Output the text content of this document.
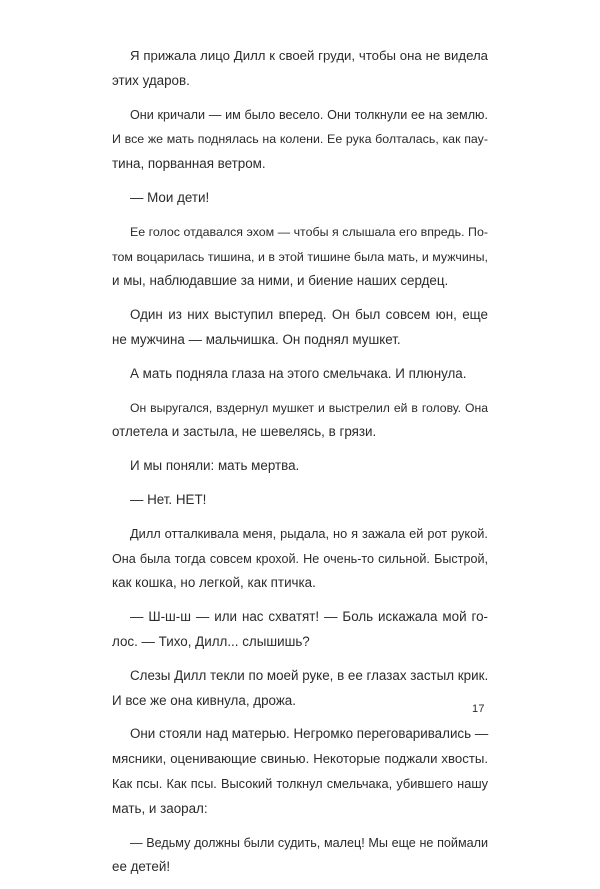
Я прижала лицо Дилл к своей груди, чтобы она не видела
этих ударов.

Они кричали — им было весело. Они толкнули ее на землю.
И все же мать поднялась на колени. Ее рука болталась, как пау-
тина, порванная ветром.

— Мои дети!

Ее голос отдавался эхом — чтобы я слышала его впредь. По-
том воцарилась тишина, и в этой тишине была мать, и мужчины,
и мы, наблюдавшие за ними, и биение наших сердец.

Один из них выступил вперед. Он был совсем юн, еще
не мужчина — мальчишка. Он поднял мушкет.

А мать подняла глаза на этого смельчака. И плюнула.

Он выругался, вздернул мушкет и выстрелил ей в голову. Она
отлетела и застыла, не шевелясь, в грязи.

И мы поняли: мать мертва.

— Нет. НЕТ!

Дилл отталкивала меня, рыдала, но я зажала ей рот рукой.
Она была тогда совсем крохой. Не очень-то сильной. Быстрой,
как кошка, но легкой, как птичка.

— Ш-ш-ш — или нас схватят! — Боль искажала мой го-
лос. — Тихо, Дилл... слышишь?

Слезы Дилл текли по моей руке, в ее глазах застыл крик.
И все же она кивнула, дрожа.

Они стояли над матерью. Негромко переговаривались —
мясники, оценивающие свинью. Некоторые поджали хвосты.
Как псы. Как псы. Высокий толкнул смельчака, убившего нашу
мать, и заорал:

— Ведьму должны были судить, малец! Мы еще не поймали
ее детей!

17
